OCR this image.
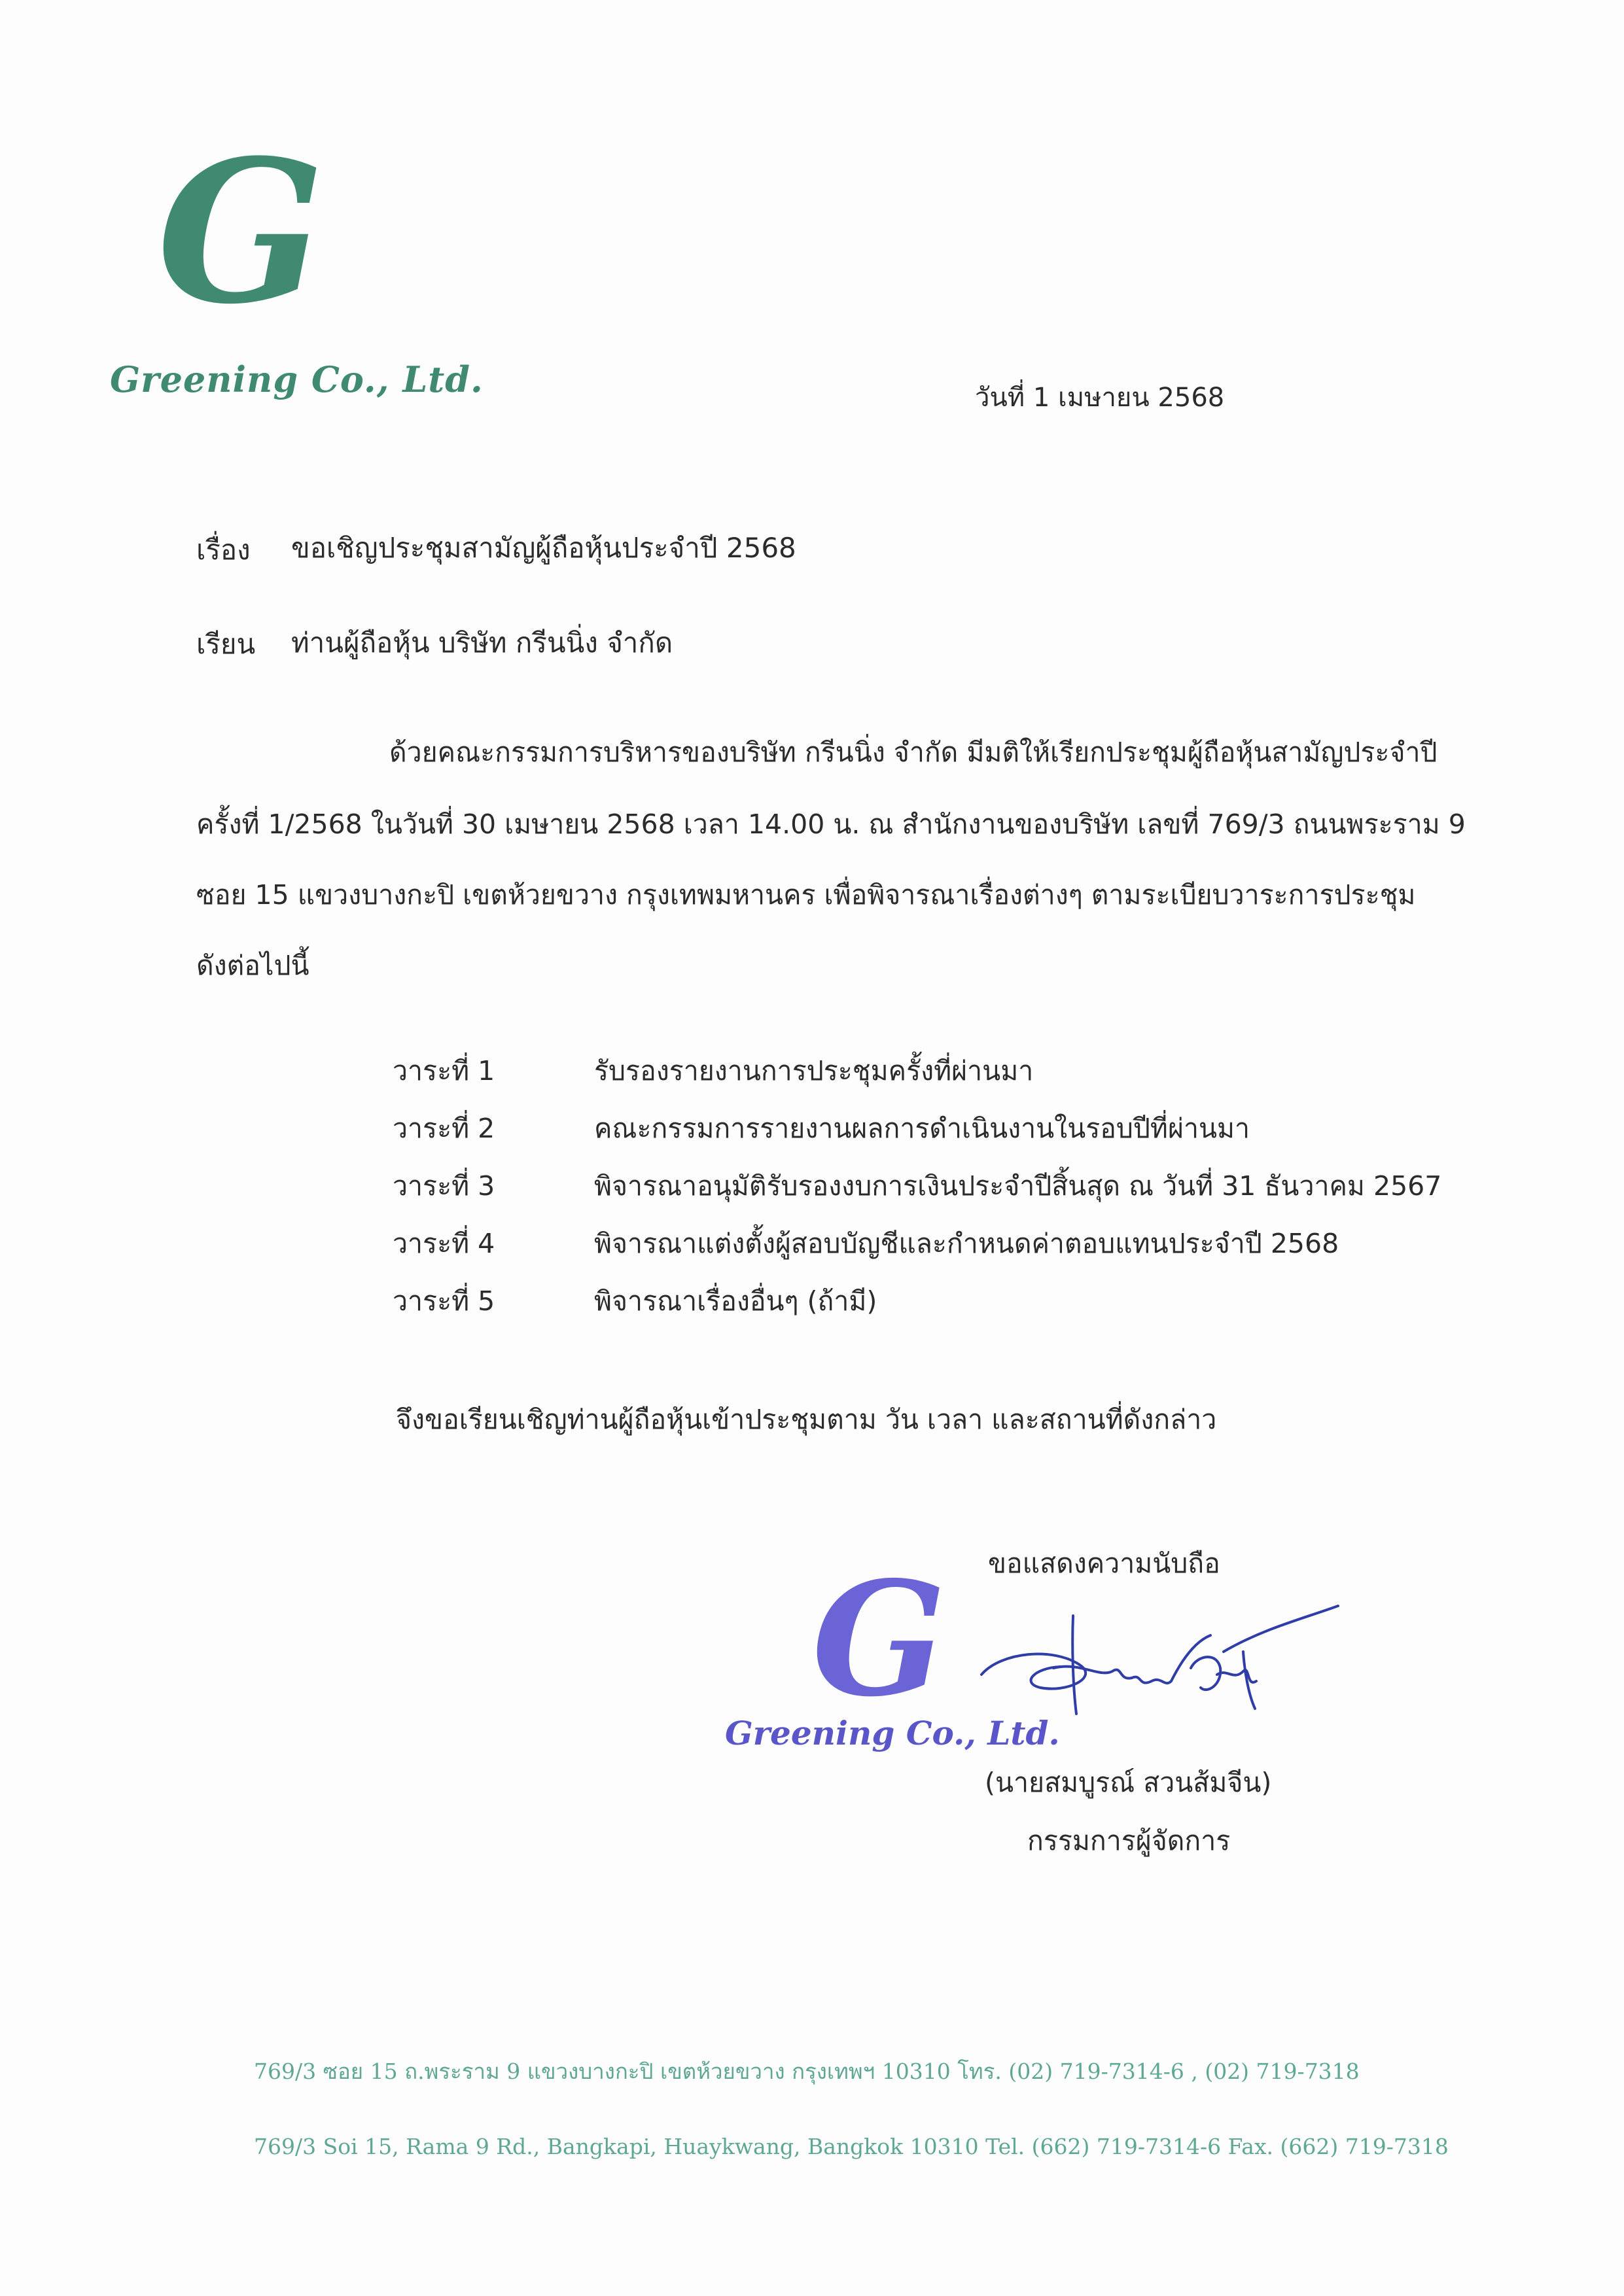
G
Greening Co., Ltd.	วันที่ 1 เมษายน 2568
เรื่อง ขอเชิญประชุมสามัญผู้ถือหุ้นประจำปี 2568
เรียน ท่านผู้ถือหุ้น บริษัท กรีนนิ่ง จำกัด
ด้วยคณะกรรมการบริหารของบริษัท กรีนนิ่ง จำกัด มีมติให้เรียกประชุมผู้ถือหุ้นสามัญประจำปี
ครั้งที่ 1/2568 ในวันที่ 30 เมษายน 2568 เวลา 14.00 น. ณ สำนักงานของบริษัท เลขที่ 769/3 ถนนพระราม 9
ซอย 15 แขวงบางกะปิ เขตห้วยขวาง กรุงเทพมหานคร เพื่อพิจารณาเรื่องต่างๆ ตามระเบียบวาระการประชุม
ดังต่อไปนี้
วาระที่ 1	รับรองรายงานการประชุมครั้งที่ผ่านมา
วาระที่ 2	คณะกรรมการรายงานผลการดำเนินงานในรอบปีที่ผ่านมา
วาระที่ 3	พิจารณาอนุมัติรับรองงบการเงินประจำปีสิ้นสุด ณ วันที่ 31 ธันวาคม 2567
วาระที่ 4	พิจารณาแต่งตั้งผู้สอบบัญชีและกำหนดค่าตอบแทนประจำปี 2568
วาระที่ 5	พิจารณาเรื่องอื่นๆ (ถ้ามี)
จึงขอเรียนเชิญท่านผู้ถือหุ้นเข้าประชุมตาม วัน เวลา และสถานที่ดังกล่าว
ขอแสดงความนับถือ
G
Greening Co., Ltd.
(นายสมบูรณ์ สวนส้มจีน)
กรรมการผู้จัดการ
769/3 ซอย 15 ถ.พระราม 9 แขวงบางกะปิ เขตห้วยขวาง กรุงเทพฯ 10310 โทร. (02) 719-7314-6 , (02) 719-7318
769/3 Soi 15, Rama 9 Rd., Bangkapi, Huaykwang, Bangkok 10310 Tel. (662) 719-7314-6 Fax. (662) 719-7318
